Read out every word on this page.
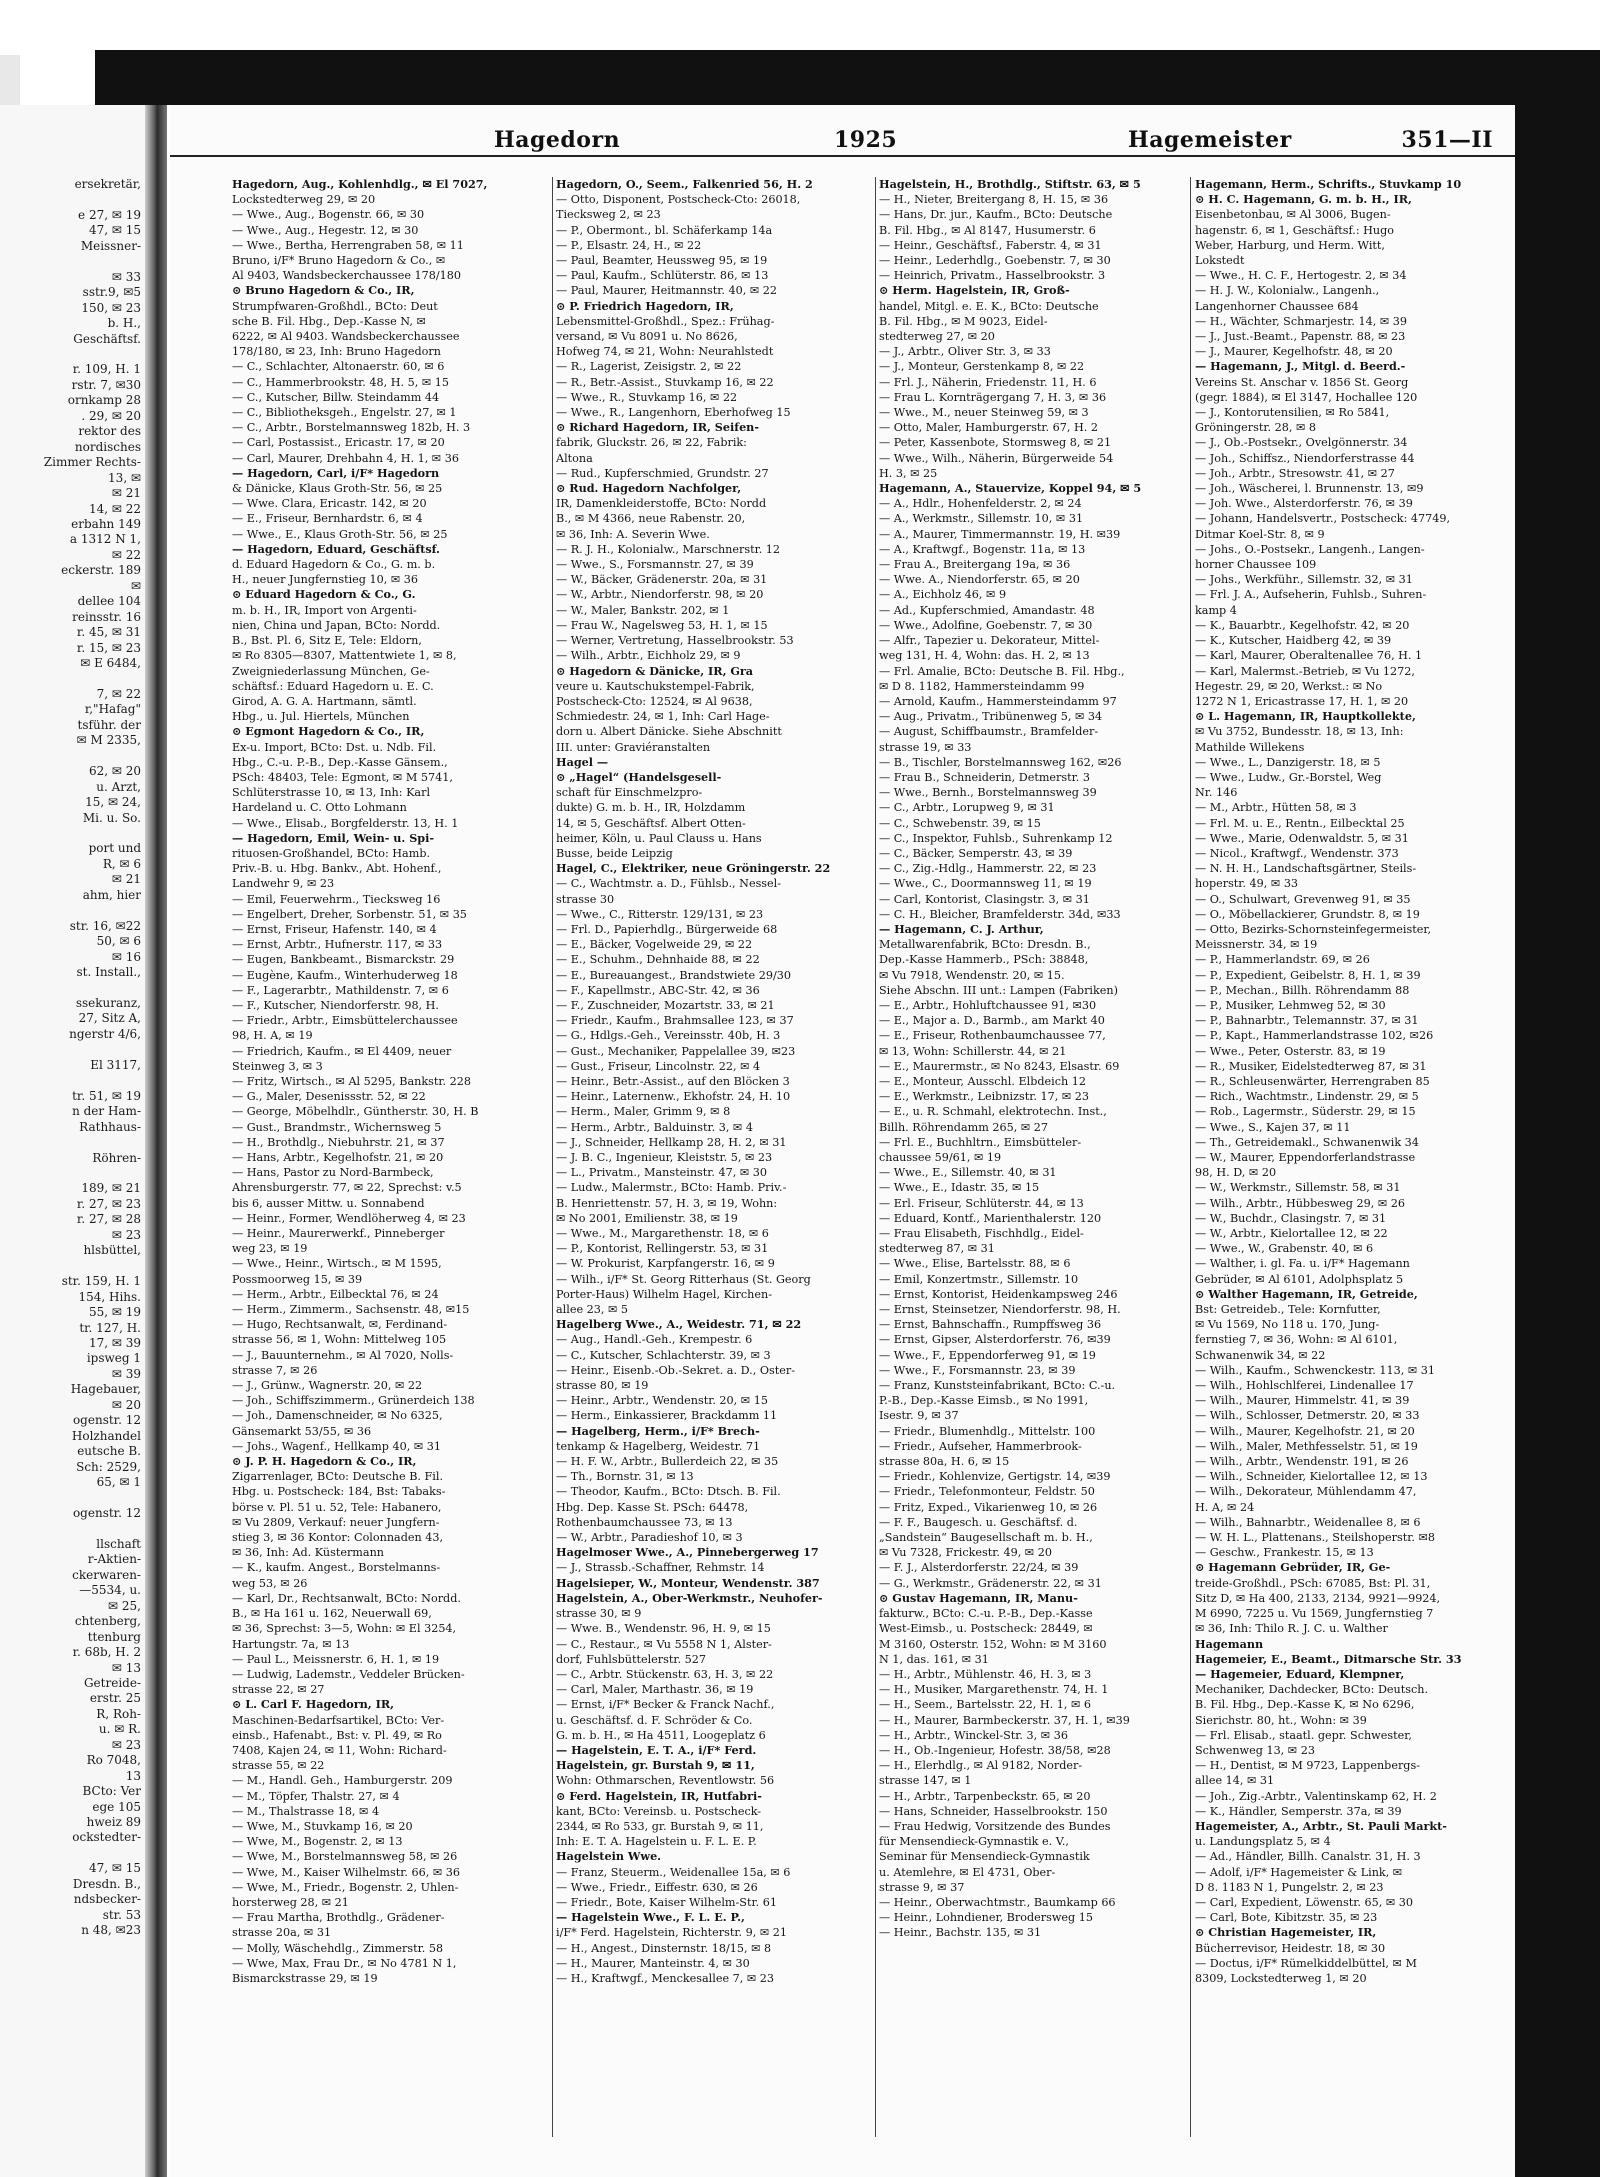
ersekretär,

e 27, ✉ 19
47, ✉ 15
Meissner-

✉ 33
sstr.9, ✉5
150, ✉ 23
b. H.,
Geschäftsf.

r. 109, H. 1
rstr. 7, ✉30
ornkamp 28
. 29, ✉ 20
rektor des
nordisches
Zimmer Rechts-
13, ✉
✉ 21
14, ✉ 22
erbahn 149
a 1312 N 1,
✉ 22
eckerstr. 189
✉
dellee 104
reinsstr. 16
r. 45, ✉ 31
r. 15, ✉ 23
✉ E 6484,

7, ✉ 22
r,"Hafag"
tsführ. der
✉ M 2335,

62, ✉ 20
u. Arzt,
15, ✉ 24,
Mi. u. So.

port und
R, ✉ 6
✉ 21
ahm, hier

str. 16, ✉22
50, ✉ 6
✉ 16
st. Install.,

ssekuranz,
27, Sitz A,
ngerstr 4/6,

El 3117,

tr. 51, ✉ 19
n der Ham-
Rathhaus-

Röhren-

189, ✉ 21
r. 27, ✉ 23
r. 27, ✉ 28
✉ 23
hlsbüttel,

str. 159, H. 1
154, Hihs.
55, ✉ 19
tr. 127, H.
17, ✉ 39
ipsweg 1
✉ 39
Hagebauer,
✉ 20
ogenstr. 12
Holzhandel
eutsche B.
Sch: 2529,
65, ✉ 1

ogenstr. 12

llschaft
r-Aktien-
ckerwaren-
—5534, u.
✉ 25,
chtenberg,
ttenburg
r. 68b, H. 2
✉ 13
Getreide-
erstr. 25
R, Roh-
u. ✉ R.
✉ 23
Ro 7048,
13
BCto: Ver
ege 105
hweiz 89
ockstedter-

47, ✉ 15
Dresdn. B.,
ndsbecker-
str. 53
n 48, ✉23
Hagedorn	1925	Hagemeister	351—II
Hagedorn, Aug., Kohlenhdlg., ✉ El 7027,
Lockstedterweg 29, ✉ 20
— Wwe., Aug., Bogenstr. 66, ✉ 30
— Wwe., Aug., Hegestr. 12, ✉ 30
— Wwe., Bertha, Herrengraben 58, ✉ 11
Bruno, i/F* Bruno Hagedorn & Co., ✉
Al 9403, Wandsbeckerchaussee 178/180
⊙ Bruno Hagedorn & Co., IR,
Strumpfwaren-Großhdl., BCto: Deut
sche B. Fil. Hbg., Dep.-Kasse N, ✉
6222, ✉ Al 9403. Wandsbeckerchaussee
178/180, ✉ 23, Inh: Bruno Hagedorn
— C., Schlachter, Altonaerstr. 60, ✉ 6
— C., Hammerbrookstr. 48, H. 5, ✉ 15
— C., Kutscher, Billw. Steindamm 44
— C., Bibliotheksgeh., Engelstr. 27, ✉ 1
— C., Arbtr., Borstelmannsweg 182b, H. 3
— Carl, Postassist., Ericastr. 17, ✉ 20
— Carl, Maurer, Drehbahn 4, H. 1, ✉ 36
— Hagedorn, Carl, i/F* Hagedorn
& Dänicke, Klaus Groth-Str. 56, ✉ 25
— Wwe. Clara, Ericastr. 142, ✉ 20
— E., Friseur, Bernhardstr. 6, ✉ 4
— Wwe., E., Klaus Groth-Str. 56, ✉ 25
— Hagedorn, Eduard, Geschäftsf.
d. Eduard Hagedorn & Co., G. m. b.
H., neuer Jungfernstieg 10, ✉ 36
⊙ Eduard Hagedorn & Co., G.
m. b. H., IR, Import von Argenti-
nien, China und Japan, BCto: Nordd.
B., Bst. Pl. 6, Sitz E, Tele: Eldorn,
✉ Ro 8305—8307, Mattentwiete 1, ✉ 8,
Zweigniederlassung München, Ge-
schäftsf.: Eduard Hagedorn u. E. C.
Girod, A. G. A. Hartmann, sämtl.
Hbg., u. Jul. Hiertels, München
⊙ Egmont Hagedorn & Co., IR,
Ex-u. Import, BCto: Dst. u. Ndb. Fil.
Hbg., C.-u. P.-B., Dep.-Kasse Gänsem.,
PSch: 48403, Tele: Egmont, ✉ M 5741,
Schlüterstrasse 10, ✉ 13, Inh: Karl
Hardeland u. C. Otto Lohmann
— Wwe., Elisab., Borgfelderstr. 13, H. 1
— Hagedorn, Emil, Wein- u. Spi-
rituosen-Großhandel, BCto: Hamb.
Priv.-B. u. Hbg. Bankv., Abt. Hohenf.,
Landwehr 9, ✉ 23
— Emil, Feuerwehrm., Tiecksweg 16
— Engelbert, Dreher, Sorbenstr. 51, ✉ 35
— Ernst, Friseur, Hafenstr. 140, ✉ 4
— Ernst, Arbtr., Hufnerstr. 117, ✉ 33
— Eugen, Bankbeamt., Bismarckstr. 29
— Eugène, Kaufm., Winterhuderweg 18
— F., Lagerarbtr., Mathildenstr. 7, ✉ 6
— F., Kutscher, Niendorferstr. 98, H.
— Friedr., Arbtr., Eimsbüttelerchaussee
98, H. A, ✉ 19
— Friedrich, Kaufm., ✉ El 4409, neuer
Steinweg 3, ✉ 3
— Fritz, Wirtsch., ✉ Al 5295, Bankstr. 228
— G., Maler, Desenissstr. 52, ✉ 22
— George, Möbelhdlr., Güntherstr. 30, H. B
— Gust., Brandmstr., Wichernsweg 5
— H., Brothdlg., Niebuhrstr. 21, ✉ 37
— Hans, Arbtr., Kegelhofstr. 21, ✉ 20
— Hans, Pastor zu Nord-Barmbeck,
Ahrensburgerstr. 77, ✉ 22, Sprechst: v.5
bis 6, ausser Mittw. u. Sonnabend
— Heinr., Former, Wendlöherweg 4, ✉ 23
— Heinr., Maurerwerkf., Pinneberger
weg 23, ✉ 19
— Wwe., Heinr., Wirtsch., ✉ M 1595,
Possmoorweg 15, ✉ 39
— Herm., Arbtr., Eilbecktal 76, ✉ 24
— Herm., Zimmerm., Sachsenstr. 48, ✉15
— Hugo, Rechtsanwalt, ✉, Ferdinand-
strasse 56, ✉ 1, Wohn: Mittelweg 105
— J., Bauunternehm., ✉ Al 7020, Nolls-
strasse 7, ✉ 26
— J., Grünw., Wagnerstr. 20, ✉ 22
— Joh., Schiffszimmerm., Grünerdeich 138
— Joh., Damenschneider, ✉ No 6325,
Gänsemarkt 53/55, ✉ 36
— Johs., Wagenf., Hellkamp 40, ✉ 31
⊙ J. P. H. Hagedorn & Co., IR,
Zigarrenlager, BCto: Deutsche B. Fil.
Hbg. u. Postscheck: 184, Bst: Tabaks-
börse v. Pl. 51 u. 52, Tele: Habanero,
✉ Vu 2809, Verkauf: neuer Jungfern-
stieg 3, ✉ 36 Kontor: Colonnaden 43,
✉ 36, Inh: Ad. Küstermann
— K., kaufm. Angest., Borstelmanns-
weg 53, ✉ 26
— Karl, Dr., Rechtsanwalt, BCto: Nordd.
B., ✉ Ha 161 u. 162, Neuerwall 69,
✉ 36, Sprechst: 3—5, Wohn: ✉ El 3254,
Hartungstr. 7a, ✉ 13
— Paul L., Meissnerstr. 6, H. 1, ✉ 19
— Ludwig, Lademstr., Veddeler Brücken-
strasse 22, ✉ 27
⊙ L. Carl F. Hagedorn, IR,
Maschinen-Bedarfsartikel, BCto: Ver-
einsb., Hafenabt., Bst: v. Pl. 49, ✉ Ro
7408, Kajen 24, ✉ 11, Wohn: Richard-
strasse 55, ✉ 22
— M., Handl. Geh., Hamburgerstr. 209
— M., Töpfer, Thalstr. 27, ✉ 4
— M., Thalstrasse 18, ✉ 4
— Wwe, M., Stuvkamp 16, ✉ 20
— Wwe, M., Bogenstr. 2, ✉ 13
— Wwe, M., Borstelmannsweg 58, ✉ 26
— Wwe, M., Kaiser Wilhelmstr. 66, ✉ 36
— Wwe, M., Friedr., Bogenstr. 2, Uhlen-
horsterweg 28, ✉ 21
— Frau Martha, Brothdlg., Grädener-
strasse 20a, ✉ 31
— Molly, Wäschehdlg., Zimmerstr. 58
— Wwe, Max, Frau Dr., ✉ No 4781 N 1,
Bismarckstrasse 29, ✉ 19
Hagedorn, O., Seem., Falkenried 56, H. 2
— Otto, Disponent, Postscheck-Cto: 26018,
Tiecksweg 2, ✉ 23
— P., Obermont., bl. Schäferkamp 14a
— P., Elsastr. 24, H., ✉ 22
— Paul, Beamter, Heussweg 95, ✉ 19
— Paul, Kaufm., Schlüterstr. 86, ✉ 13
— Paul, Maurer, Heitmannstr. 40, ✉ 22
⊙ P. Friedrich Hagedorn, IR,
Lebensmittel-Großhdl., Spez.: Frühag-
versand, ✉ Vu 8091 u. No 8626,
Hofweg 74, ✉ 21, Wohn: Neurahlstedt
— R., Lagerist, Zeisigstr. 2, ✉ 22
— R., Betr.-Assist., Stuvkamp 16, ✉ 22
— Wwe., R., Stuvkamp 16, ✉ 22
— Wwe., R., Langenhorn, Eberhofweg 15
⊙ Richard Hagedorn, IR, Seifen-
fabrik, Gluckstr. 26, ✉ 22, Fabrik:
Altona
— Rud., Kupferschmied, Grundstr. 27
⊙ Rud. Hagedorn Nachfolger,
IR, Damenkleiderstoffe, BCto: Nordd
B., ✉ M 4366, neue Rabenstr. 20,
✉ 36, Inh: A. Severin Wwe.
— R. J. H., Kolonialw., Marschnerstr. 12
— Wwe., S., Forsmannstr. 27, ✉ 39
— W., Bäcker, Grädenerstr. 20a, ✉ 31
— W., Arbtr., Niendorferstr. 98, ✉ 20
— W., Maler, Bankstr. 202, ✉ 1
— Frau W., Nagelsweg 53, H. 1, ✉ 15
— Werner, Vertretung, Hasselbrookstr. 53
— Wilh., Arbtr., Eichholz 29, ✉ 9
⊙ Hagedorn & Dänicke, IR, Gra
veure u. Kautschukstempel-Fabrik,
Postscheck-Cto: 12524, ✉ Al 9638,
Schmiedestr. 24, ✉ 1, Inh: Carl Hage-
dorn u. Albert Dänicke. Siehe Abschnitt
III. unter: Graviéranstalten
Hagel —
⊙ „Hagel“ (Handelsgesell-
schaft für Einschmelzpro-
dukte) G. m. b. H., IR, Holzdamm
14, ✉ 5, Geschäftsf. Albert Otten-
heimer, Köln, u. Paul Clauss u. Hans
Busse, beide Leipzig
Hagel, C., Elektriker, neue Gröningerstr. 22
— C., Wachtmstr. a. D., Fühlsb., Nessel-
strasse 30
— Wwe., C., Ritterstr. 129/131, ✉ 23
— Frl. D., Papierhdlg., Bürgerweide 68
— E., Bäcker, Vogelweide 29, ✉ 22
— E., Schuhm., Dehnhaide 88, ✉ 22
— E., Bureauangest., Brandstwiete 29/30
— F., Kapellmstr., ABC-Str. 42, ✉ 36
— F., Zuschneider, Mozartstr. 33, ✉ 21
— Friedr., Kaufm., Brahmsallee 123, ✉ 37
— G., Hdlgs.-Geh., Vereinsstr. 40b, H. 3
— Gust., Mechaniker, Pappelallee 39, ✉23
— Gust., Friseur, Lincolnstr. 22, ✉ 4
— Heinr., Betr.-Assist., auf den Blöcken 3
— Heinr., Laternenw., Ekhofstr. 24, H. 10
— Herm., Maler, Grimm 9, ✉ 8
— Herm., Arbtr., Balduinstr. 3, ✉ 4
— J., Schneider, Hellkamp 28, H. 2, ✉ 31
— J. B. C., Ingenieur, Kleiststr. 5, ✉ 23
— L., Privatm., Mansteinstr. 47, ✉ 30
— Ludw., Malermstr., BCto: Hamb. Priv.-
B. Henriettenstr. 57, H. 3, ✉ 19, Wohn:
✉ No 2001, Emilienstr. 38, ✉ 19
— Wwe., M., Margarethenstr. 18, ✉ 6
— P., Kontorist, Rellingerstr. 53, ✉ 31
— W. Prokurist, Karpfangerstr. 16, ✉ 9
— Wilh., i/F* St. Georg Ritterhaus (St. Georg
Porter-Haus) Wilhelm Hagel, Kirchen-
allee 23, ✉ 5
Hagelberg Wwe., A., Weidestr. 71, ✉ 22
— Aug., Handl.-Geh., Krempestr. 6
— C., Kutscher, Schlachterstr. 39, ✉ 3
— Heinr., Eisenb.-Ob.-Sekret. a. D., Oster-
strasse 80, ✉ 19
— Heinr., Arbtr., Wendenstr. 20, ✉ 15
— Herm., Einkassierer, Brackdamm 11
— Hagelberg, Herm., i/F* Brech-
tenkamp & Hagelberg, Weidestr. 71
— H. F. W., Arbtr., Bullerdeich 22, ✉ 35
— Th., Bornstr. 31, ✉ 13
— Theodor, Kaufm., BCto: Dtsch. B. Fil.
Hbg. Dep. Kasse St. PSch: 64478,
Rothenbaumchaussee 73, ✉ 13
— W., Arbtr., Paradieshof 10, ✉ 3
Hagelmoser Wwe., A., Pinnebergerweg 17
— J., Strassb.-Schaffner, Rehmstr. 14
Hagelsieper, W., Monteur, Wendenstr. 387
Hagelstein, A., Ober-Werkmstr., Neuhofer-
strasse 30, ✉ 9
— Wwe. B., Wendenstr. 96, H. 9, ✉ 15
— C., Restaur., ✉ Vu 5558 N 1, Alster-
dorf, Fuhlsbüttelerstr. 527
— C., Arbtr. Stückenstr. 63, H. 3, ✉ 22
— Carl, Maler, Marthastr. 36, ✉ 19
— Ernst, i/F* Becker & Franck Nachf.,
u. Geschäftsf. d. F. Schröder & Co.
G. m. b. H., ✉ Ha 4511, Loogeplatz 6
— Hagelstein, E. T. A., i/F* Ferd.
Hagelstein, gr. Burstah 9, ✉ 11,
Wohn: Othmarschen, Reventlowstr. 56
⊙ Ferd. Hagelstein, IR, Hutfabri-
kant, BCto: Vereinsb. u. Postscheck-
2344, ✉ Ro 533, gr. Burstah 9, ✉ 11,
Inh: E. T. A. Hagelstein u. F. L. E. P.
Hagelstein Wwe.
— Franz, Steuerm., Weidenallee 15a, ✉ 6
— Wwe., Friedr., Eiffestr. 630, ✉ 26
— Friedr., Bote, Kaiser Wilhelm-Str. 61
— Hagelstein Wwe., F. L. E. P.,
i/F* Ferd. Hagelstein, Richterstr. 9, ✉ 21
— H., Angest., Dinsternstr. 18/15, ✉ 8
— H., Maurer, Manteinstr. 4, ✉ 30
— H., Kraftwgf., Menckesallee 7, ✉ 23
Hagelstein, H., Brothdlg., Stiftstr. 63, ✉ 5
— H., Nieter, Breitergang 8, H. 15, ✉ 36
— Hans, Dr. jur., Kaufm., BCto: Deutsche
B. Fil. Hbg., ✉ Al 8147, Husumerstr. 6
— Heinr., Geschäftsf., Faberstr. 4, ✉ 31
— Heinr., Lederhdlg., Goebenstr. 7, ✉ 30
— Heinrich, Privatm., Hasselbrookstr. 3
⊙ Herm. Hagelstein, IR, Groß-
handel, Mitgl. e. E. K., BCto: Deutsche
B. Fil. Hbg., ✉ M 9023, Eidel-
stedterweg 27, ✉ 20
— J., Arbtr., Oliver Str. 3, ✉ 33
— J., Monteur, Gerstenkamp 8, ✉ 22
— Frl. J., Näherin, Friedenstr. 11, H. 6
— Frau L. Kornträgergang 7, H. 3, ✉ 36
— Wwe., M., neuer Steinweg 59, ✉ 3
— Otto, Maler, Hamburgerstr. 67, H. 2
— Peter, Kassenbote, Stormsweg 8, ✉ 21
— Wwe., Wilh., Näherin, Bürgerweide 54
H. 3, ✉ 25
Hagemann, A., Stauervize, Koppel 94, ✉ 5
— A., Hdlr., Hohenfelderstr. 2, ✉ 24
— A., Werkmstr., Sillemstr. 10, ✉ 31
— A., Maurer, Timmermannstr. 19, H. ✉39
— A., Kraftwgf., Bogenstr. 11a, ✉ 13
— Frau A., Breitergang 19a, ✉ 36
— Wwe. A., Niendorferstr. 65, ✉ 20
— A., Eichholz 46, ✉ 9
— Ad., Kupferschmied, Amandastr. 48
— Wwe., Adolfine, Goebenstr. 7, ✉ 30
— Alfr., Tapezier u. Dekorateur, Mittel-
weg 131, H. 4, Wohn: das. H. 2, ✉ 13
— Frl. Amalie, BCto: Deutsche B. Fil. Hbg.,
✉ D 8. 1182, Hammersteindamm 99
— Arnold, Kaufm., Hammersteindamm 97
— Aug., Privatm., Tribünenweg 5, ✉ 34
— August, Schiffbaumstr., Bramfelder-
strasse 19, ✉ 33
— B., Tischler, Borstelmannsweg 162, ✉26
— Frau B., Schneiderin, Detmerstr. 3
— Wwe., Bernh., Borstelmannsweg 39
— C., Arbtr., Lorupweg 9, ✉ 31
— C., Schwebenstr. 39, ✉ 15
— C., Inspektor, Fuhlsb., Suhrenkamp 12
— C., Bäcker, Semperstr. 43, ✉ 39
— C., Zig.-Hdlg., Hammerstr. 22, ✉ 23
— Wwe., C., Doormannsweg 11, ✉ 19
— Carl, Kontorist, Clasingstr. 3, ✉ 31
— C. H., Bleicher, Bramfelderstr. 34d, ✉33
— Hagemann, C. J. Arthur,
Metallwarenfabrik, BCto: Dresdn. B.,
Dep.-Kasse Hammerb., PSch: 38848,
✉ Vu 7918, Wendenstr. 20, ✉ 15.
Siehe Abschn. III unt.: Lampen (Fabriken)
— E., Arbtr., Hohluftchaussee 91, ✉30
— E., Major a. D., Barmb., am Markt 40
— E., Friseur, Rothenbaumchaussee 77,
✉ 13, Wohn: Schillerstr. 44, ✉ 21
— E., Maurermstr., ✉ No 8243, Elsastr. 69
— E., Monteur, Ausschl. Elbdeich 12
— E., Werkmstr., Leibnizstr. 17, ✉ 23
— E., u. R. Schmahl, elektrotechn. Inst.,
Billh. Röhrendamm 265, ✉ 27
— Frl. E., Buchhltrn., Eimsbütteler-
chaussee 59/61, ✉ 19
— Wwe., E., Sillemstr. 40, ✉ 31
— Wwe., E., Idastr. 35, ✉ 15
— Erl. Friseur, Schlüterstr. 44, ✉ 13
— Eduard, Kontf., Marienthalerstr. 120
— Frau Elisabeth, Fischhdlg., Eidel-
stedterweg 87, ✉ 31
— Wwe., Elise, Bartelsstr. 88, ✉ 6
— Emil, Konzertmstr., Sillemstr. 10
— Ernst, Kontorist, Heidenkampsweg 246
— Ernst, Steinsetzer, Niendorferstr. 98, H.
— Ernst, Bahnschaffn., Rumpffsweg 36
— Ernst, Gipser, Alsterdorferstr. 76, ✉39
— Wwe., F., Eppendorferweg 91, ✉ 19
— Wwe., F., Forsmannstr. 23, ✉ 39
— Franz, Kunststeinfabrikant, BCto: C.-u.
P.-B., Dep.-Kasse Eimsb., ✉ No 1991,
Isestr. 9, ✉ 37
— Friedr., Blumenhdlg., Mittelstr. 100
— Friedr., Aufseher, Hammerbrook-
strasse 80a, H. 6, ✉ 15
— Friedr., Kohlenvize, Gertigstr. 14, ✉39
— Friedr., Telefonmonteur, Feldstr. 50
— Fritz, Exped., Vikarienweg 10, ✉ 26
— F. F., Baugesch. u. Geschäftsf. d.
„Sandstein“ Baugesellschaft m. b. H.,
✉ Vu 7328, Frickestr. 49, ✉ 20
— F. J., Alsterdorferstr. 22/24, ✉ 39
— G., Werkmstr., Grädenerstr. 22, ✉ 31
⊙ Gustav Hagemann, IR, Manu-
fakturw., BCto: C.-u. P.-B., Dep.-Kasse
West-Eimsb., u. Postscheck: 28449, ✉
M 3160, Osterstr. 152, Wohn: ✉ M 3160
N 1, das. 161, ✉ 31
— H., Arbtr., Mühlenstr. 46, H. 3, ✉ 3
— H., Musiker, Margarethenstr. 74, H. 1
— H., Seem., Bartelsstr. 22, H. 1, ✉ 6
— H., Maurer, Barmbeckerstr. 37, H. 1, ✉39
— H., Arbtr., Winckel-Str. 3, ✉ 36
— H., Ob.-Ingenieur, Hofestr. 38/58, ✉28
— H., Elerhdlg., ✉ Al 9182, Norder-
strasse 147, ✉ 1
— H., Arbtr., Tarpenbeckstr. 65, ✉ 20
— Hans, Schneider, Hasselbrookstr. 150
— Frau Hedwig, Vorsitzende des Bundes
für Mensendieck-Gymnastik e. V.,
Seminar für Mensendieck-Gymnastik
u. Atemlehre, ✉ El 4731, Ober-
strasse 9, ✉ 37
— Heinr., Oberwachtmstr., Baumkamp 66
— Heinr., Lohndiener, Brodersweg 15
— Heinr., Bachstr. 135, ✉ 31
Hagemann, Herm., Schrifts., Stuvkamp 10
⊙ H. C. Hagemann, G. m. b. H., IR,
Eisenbetonbau, ✉ Al 3006, Bugen-
hagenstr. 6, ✉ 1, Geschäftsf.: Hugo
Weber, Harburg, und Herm. Witt,
Lokstedt
— Wwe., H. C. F., Hertogestr. 2, ✉ 34
— H. J. W., Kolonialw., Langenh.,
Langenhorner Chaussee 684
— H., Wächter, Schmarjestr. 14, ✉ 39
— J., Just.-Beamt., Papenstr. 88, ✉ 23
— J., Maurer, Kegelhofstr. 48, ✉ 20
— Hagemann, J., Mitgl. d. Beerd.-
Vereins St. Anschar v. 1856 St. Georg
(gegr. 1884), ✉ El 3147, Hochallee 120
— J., Kontorutensilien, ✉ Ro 5841,
Gröningerstr. 28, ✉ 8
— J., Ob.-Postsekr., Ovelgönnerstr. 34
— Joh., Schiffsz., Niendorferstrasse 44
— Joh., Arbtr., Stresowstr. 41, ✉ 27
— Joh., Wäscherei, l. Brunnenstr. 13, ✉9
— Joh. Wwe., Alsterdorferstr. 76, ✉ 39
— Johann, Handelsvertr., Postscheck: 47749,
Ditmar Koel-Str. 8, ✉ 9
— Johs., O.-Postsekr., Langenh., Langen-
horner Chaussee 109
— Johs., Werkführ., Sillemstr. 32, ✉ 31
— Frl. J. A., Aufseherin, Fuhlsb., Suhren-
kamp 4
— K., Bauarbtr., Kegelhofstr. 42, ✉ 20
— K., Kutscher, Haidberg 42, ✉ 39
— Karl, Maurer, Oberaltenallee 76, H. 1
— Karl, Malermst.-Betrieb, ✉ Vu 1272,
Hegestr. 29, ✉ 20, Werkst.: ✉ No
1272 N 1, Ericastrasse 17, H. 1, ✉ 20
⊙ L. Hagemann, IR, Hauptkollekte,
✉ Vu 3752, Bundesstr. 18, ✉ 13, Inh:
Mathilde Willekens
— Wwe., L., Danzigerstr. 18, ✉ 5
— Wwe., Ludw., Gr.-Borstel, Weg
Nr. 146
— M., Arbtr., Hütten 58, ✉ 3
— Frl. M. u. E., Rentn., Eilbecktal 25
— Wwe., Marie, Odenwaldstr. 5, ✉ 31
— Nicol., Kraftwgf., Wendenstr. 373
— N. H. H., Landschaftsgärtner, Steils-
hoperstr. 49, ✉ 33
— O., Schulwart, Grevenweg 91, ✉ 35
— O., Möbellackierer, Grundstr. 8, ✉ 19
— Otto, Bezirks-Schornsteinfegermeister,
Meissnerstr. 34, ✉ 19
— P., Hammerlandstr. 69, ✉ 26
— P., Expedient, Geibelstr. 8, H. 1, ✉ 39
— P., Mechan., Billh. Röhrendamm 88
— P., Musiker, Lehmweg 52, ✉ 30
— P., Bahnarbtr., Telemannstr. 37, ✉ 31
— P., Kapt., Hammerlandstrasse 102, ✉26
— Wwe., Peter, Osterstr. 83, ✉ 19
— R., Musiker, Eidelstedterweg 87, ✉ 31
— R., Schleusenwärter, Herrengraben 85
— Rich., Wachtmstr., Lindenstr. 29, ✉ 5
— Rob., Lagermstr., Süderstr. 29, ✉ 15
— Wwe., S., Kajen 37, ✉ 11
— Th., Getreidemakl., Schwanenwik 34
— W., Maurer, Eppendorferlandstrasse
98, H. D, ✉ 20
— W., Werkmstr., Sillemstr. 58, ✉ 31
— Wilh., Arbtr., Hübbesweg 29, ✉ 26
— W., Buchdr., Clasingstr. 7, ✉ 31
— W., Arbtr., Kielortallee 12, ✉ 22
— Wwe., W., Grabenstr. 40, ✉ 6
— Walther, i. gl. Fa. u. i/F* Hagemann
Gebrüder, ✉ Al 6101, Adolphsplatz 5
⊙ Walther Hagemann, IR, Getreide,
Bst: Getreideb., Tele: Kornfutter,
✉ Vu 1569, No 118 u. 170, Jung-
fernstieg 7, ✉ 36, Wohn: ✉ Al 6101,
Schwanenwik 34, ✉ 22
— Wilh., Kaufm., Schwenckestr. 113, ✉ 31
— Wilh., Hohlschlferei, Lindenallee 17
— Wilh., Maurer, Himmelstr. 41, ✉ 39
— Wilh., Schlosser, Detmerstr. 20, ✉ 33
— Wilh., Maurer, Kegelhofstr. 21, ✉ 20
— Wilh., Maler, Methfesselstr. 51, ✉ 19
— Wilh., Arbtr., Wendenstr. 191, ✉ 26
— Wilh., Schneider, Kielortallee 12, ✉ 13
— Wilh., Dekorateur, Mühlendamm 47,
H. A, ✉ 24
— Wilh., Bahnarbtr., Weidenallee 8, ✉ 6
— W. H. L., Plattenans., Steilshoperstr. ✉8
— Geschw., Frankestr. 15, ✉ 13
⊙ Hagemann Gebrüder, IR, Ge-
treide-Großhdl., PSch: 67085, Bst: Pl. 31,
Sitz D, ✉ Ha 400, 2133, 2134, 9921—9924,
M 6990, 7225 u. Vu 1569, Jungfernstieg 7
✉ 36, Inh: Thilo R. J. C. u. Walther
Hagemann
Hagemeier, E., Beamt., Ditmarsche Str. 33
— Hagemeier, Eduard, Klempner,
Mechaniker, Dachdecker, BCto: Deutsch.
B. Fil. Hbg., Dep.-Kasse K, ✉ No 6296,
Sierichstr. 80, ht., Wohn: ✉ 39
— Frl. Elisab., staatl. gepr. Schwester,
Schwenweg 13, ✉ 23
— H., Dentist, ✉ M 9723, Lappenbergs-
allee 14, ✉ 31
— Joh., Zig.-Arbtr., Valentinskamp 62, H. 2
— K., Händler, Semperstr. 37a, ✉ 39
Hagemeister, A., Arbtr., St. Pauli Markt-
u. Landungsplatz 5, ✉ 4
— Ad., Händler, Billh. Canalstr. 31, H. 3
— Adolf, i/F* Hagemeister & Link, ✉
D 8. 1183 N 1, Pungelstr. 2, ✉ 23
— Carl, Expedient, Löwenstr. 65, ✉ 30
— Carl, Bote, Kibitzstr. 35, ✉ 23
⊙ Christian Hagemeister, IR,
Bücherrevisor, Heidestr. 18, ✉ 30
— Doctus, i/F* Rümelkiddelbüttel, ✉ M
8309, Lockstedterweg 1, ✉ 20
